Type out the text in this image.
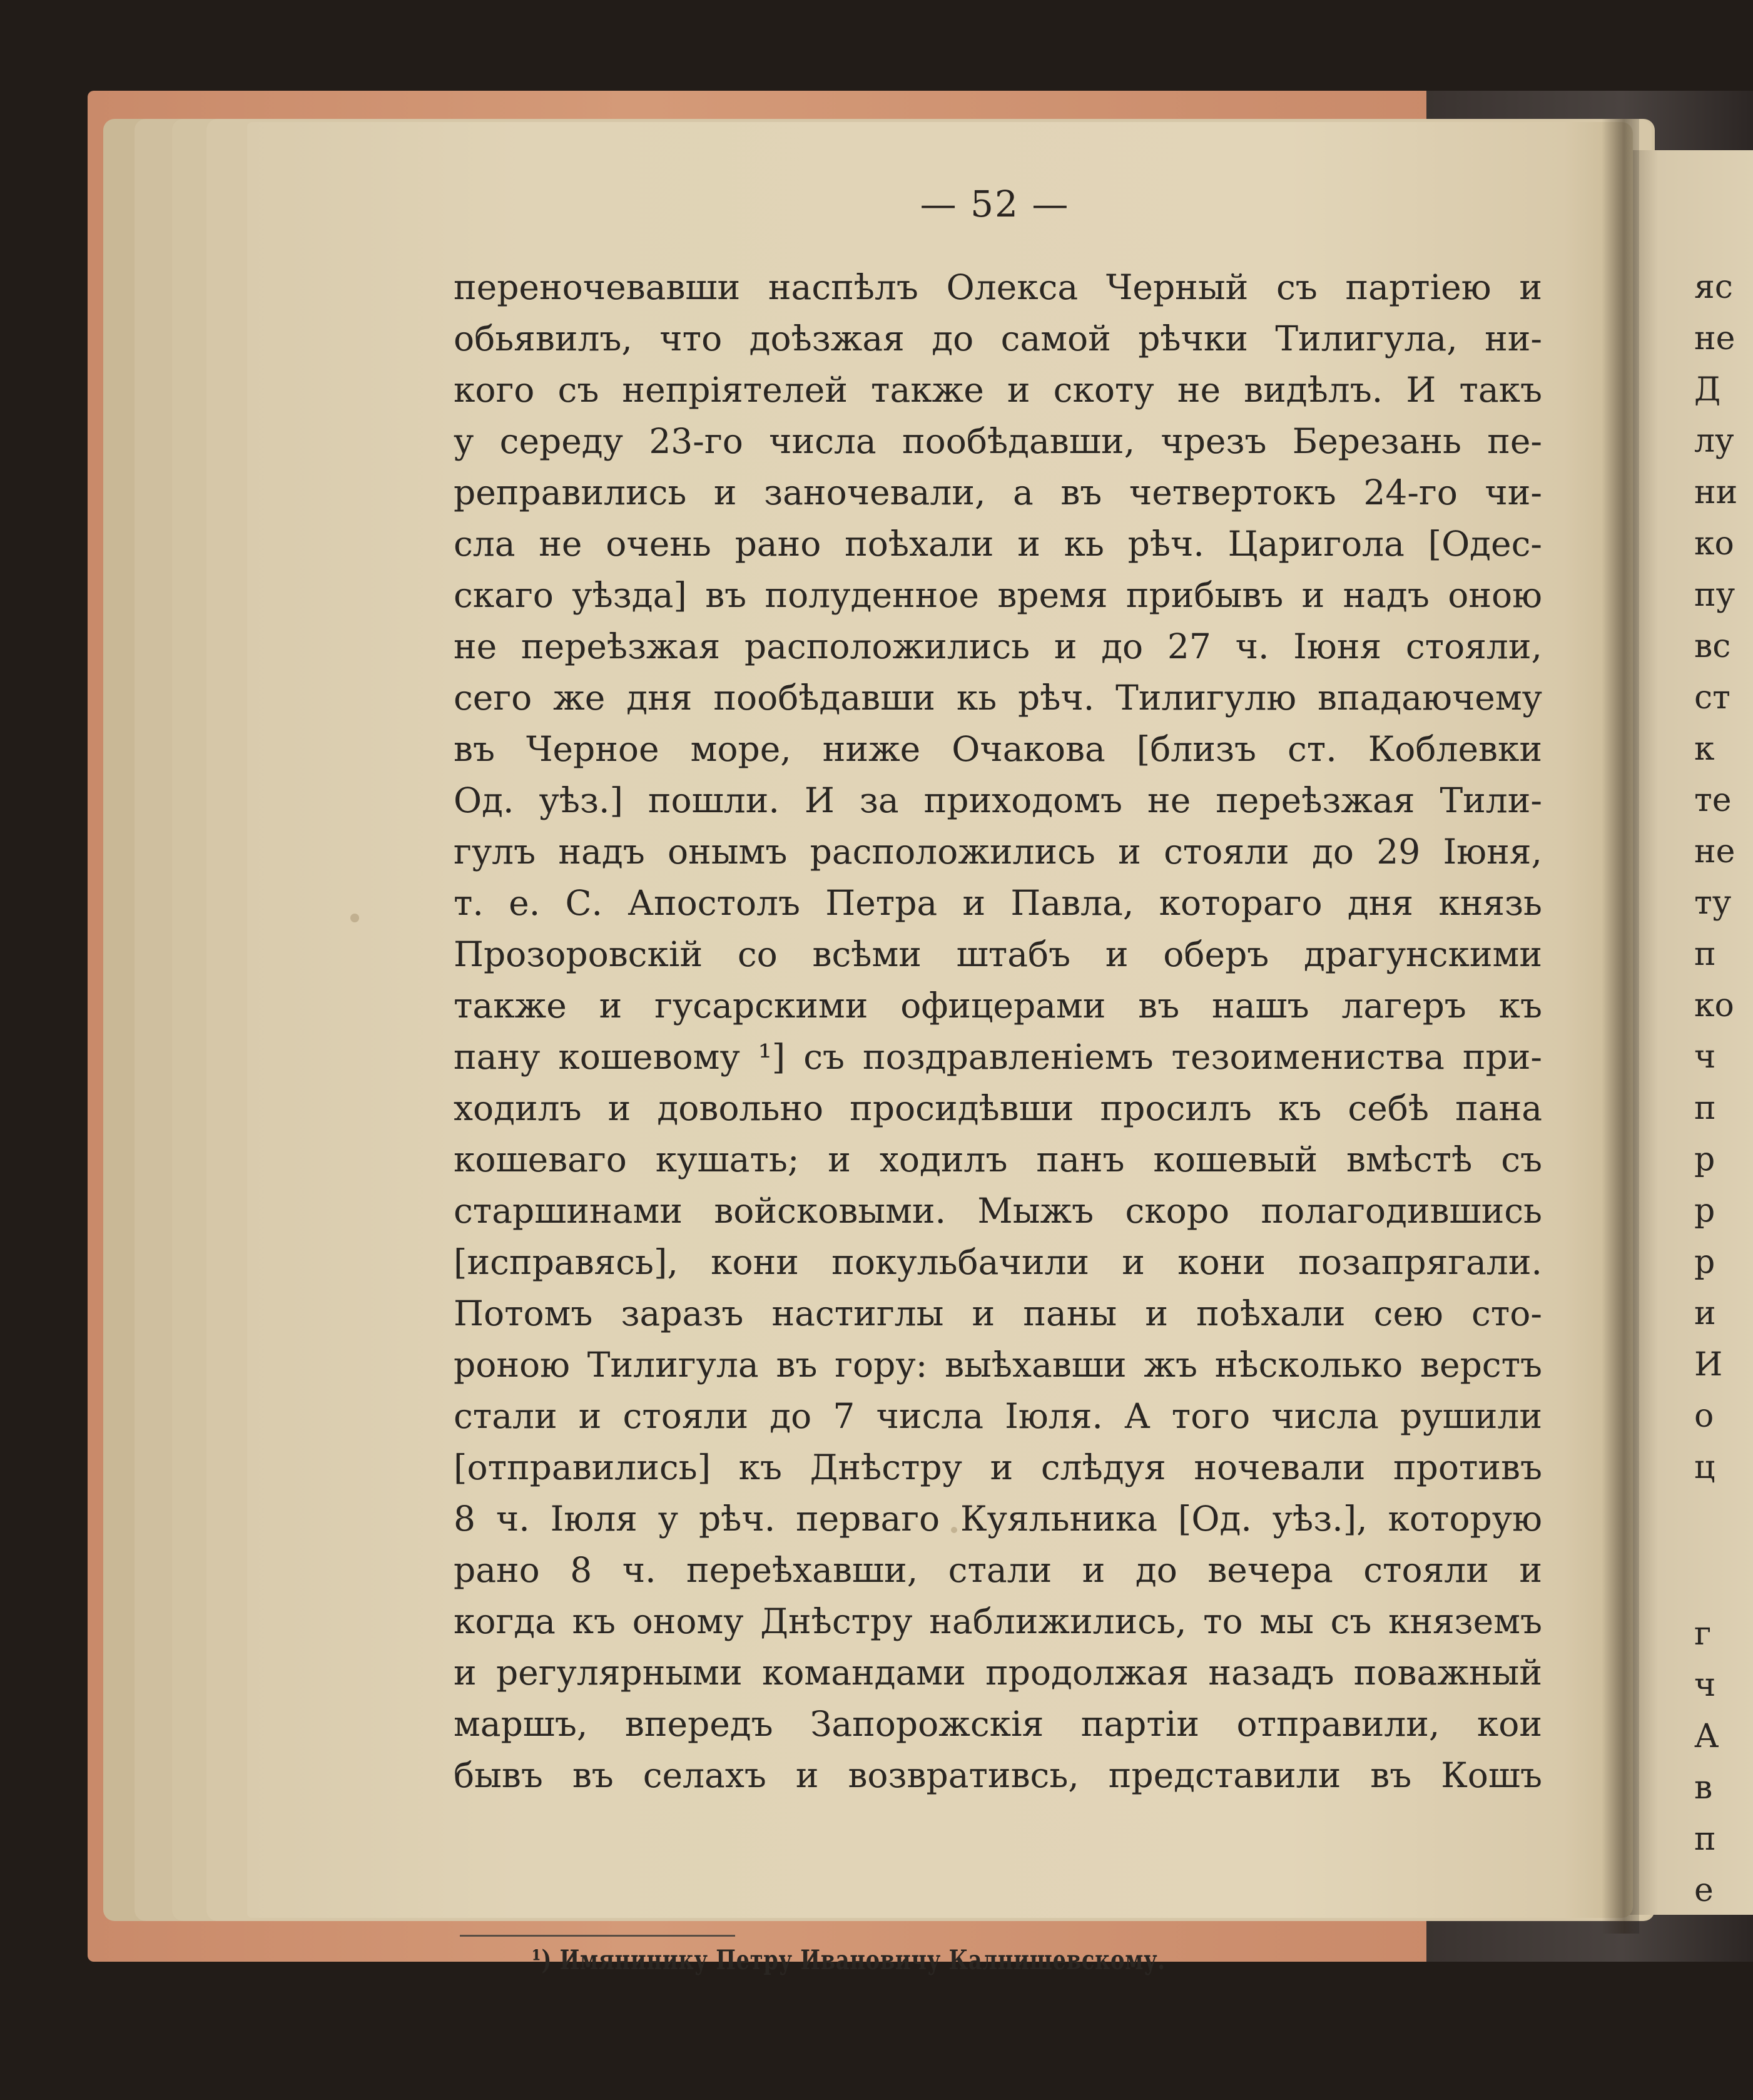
— 52 —
переночевавши наспѣлъ Олекса Черный съ партіею и
обьявилъ, что доѣзжая до самой рѣчки Тилигула, ни-
кого съ непріятелей также и скоту не видѣлъ. И такъ
у середу 23-го числа пообѣдавши, чрезъ Березань пе-
реправились и заночевали, а въ четвертокъ 24-го чи-
сла не очень рано поѣхали и кь рѣч. Царигола [Одес-
скаго уѣзда] въ полуденное время прибывъ и надъ оною
не переѣзжая расположились и до 27 ч. Іюня стояли,
сего же дня пообѣдавши кь рѣч. Тилигулю впадаючему
въ Черное море, ниже Очакова [близъ ст. Коблевки
Од. уѣз.] пошли. И за приходомъ не переѣзжая Тили-
гулъ надъ онымъ расположились и стояли до 29 Іюня,
т. е. С. Апостолъ Петра и Павла, котораго дня князь
Прозоровскій со всѣми штабъ и оберъ драгунскими
также и гусарскими офицерами въ нашъ лагеръ къ
пану кошевому ¹] съ поздравленіемъ тезоимениства при-
ходилъ и довольно просидѣвши просилъ къ себѣ пана
кошеваго кушать; и ходилъ панъ кошевый вмѣстѣ съ
старшинами войсковыми. Мыжъ скоро полагодившись
[исправясь], кони покульбачили и кони позапрягали.
Потомъ заразъ настиглы и паны и поѣхали сею сто-
роною Тилигула въ гору: выѣхавши жъ нѣсколько верстъ
стали и стояли до 7 числа Іюля. А того числа рушили
[отправились] къ Днѣстру и слѣдуя ночевали противъ
8 ч. Іюля у рѣч. перваго Куяльника [Од. уѣз.], которую
рано 8 ч. переѣхавши, стали и до вечера стояли и
когда къ оному Днѣстру наближились, то мы съ княземъ
и регулярными командами продолжая назадъ поважный
маршъ, впередъ Запорожскія партіи отправили, кои
бывъ въ селахъ и возвративсь, представили въ Кошъ
¹) Имянинику Петру Ивановичу Калнишевскому.
яс
не
Д
лу
ни
ко
пу
вс
ст
к
те
не
ту
п
ко
ч
п
р
р
р
и
И
о
ц
г
ч
А
в
п
е
